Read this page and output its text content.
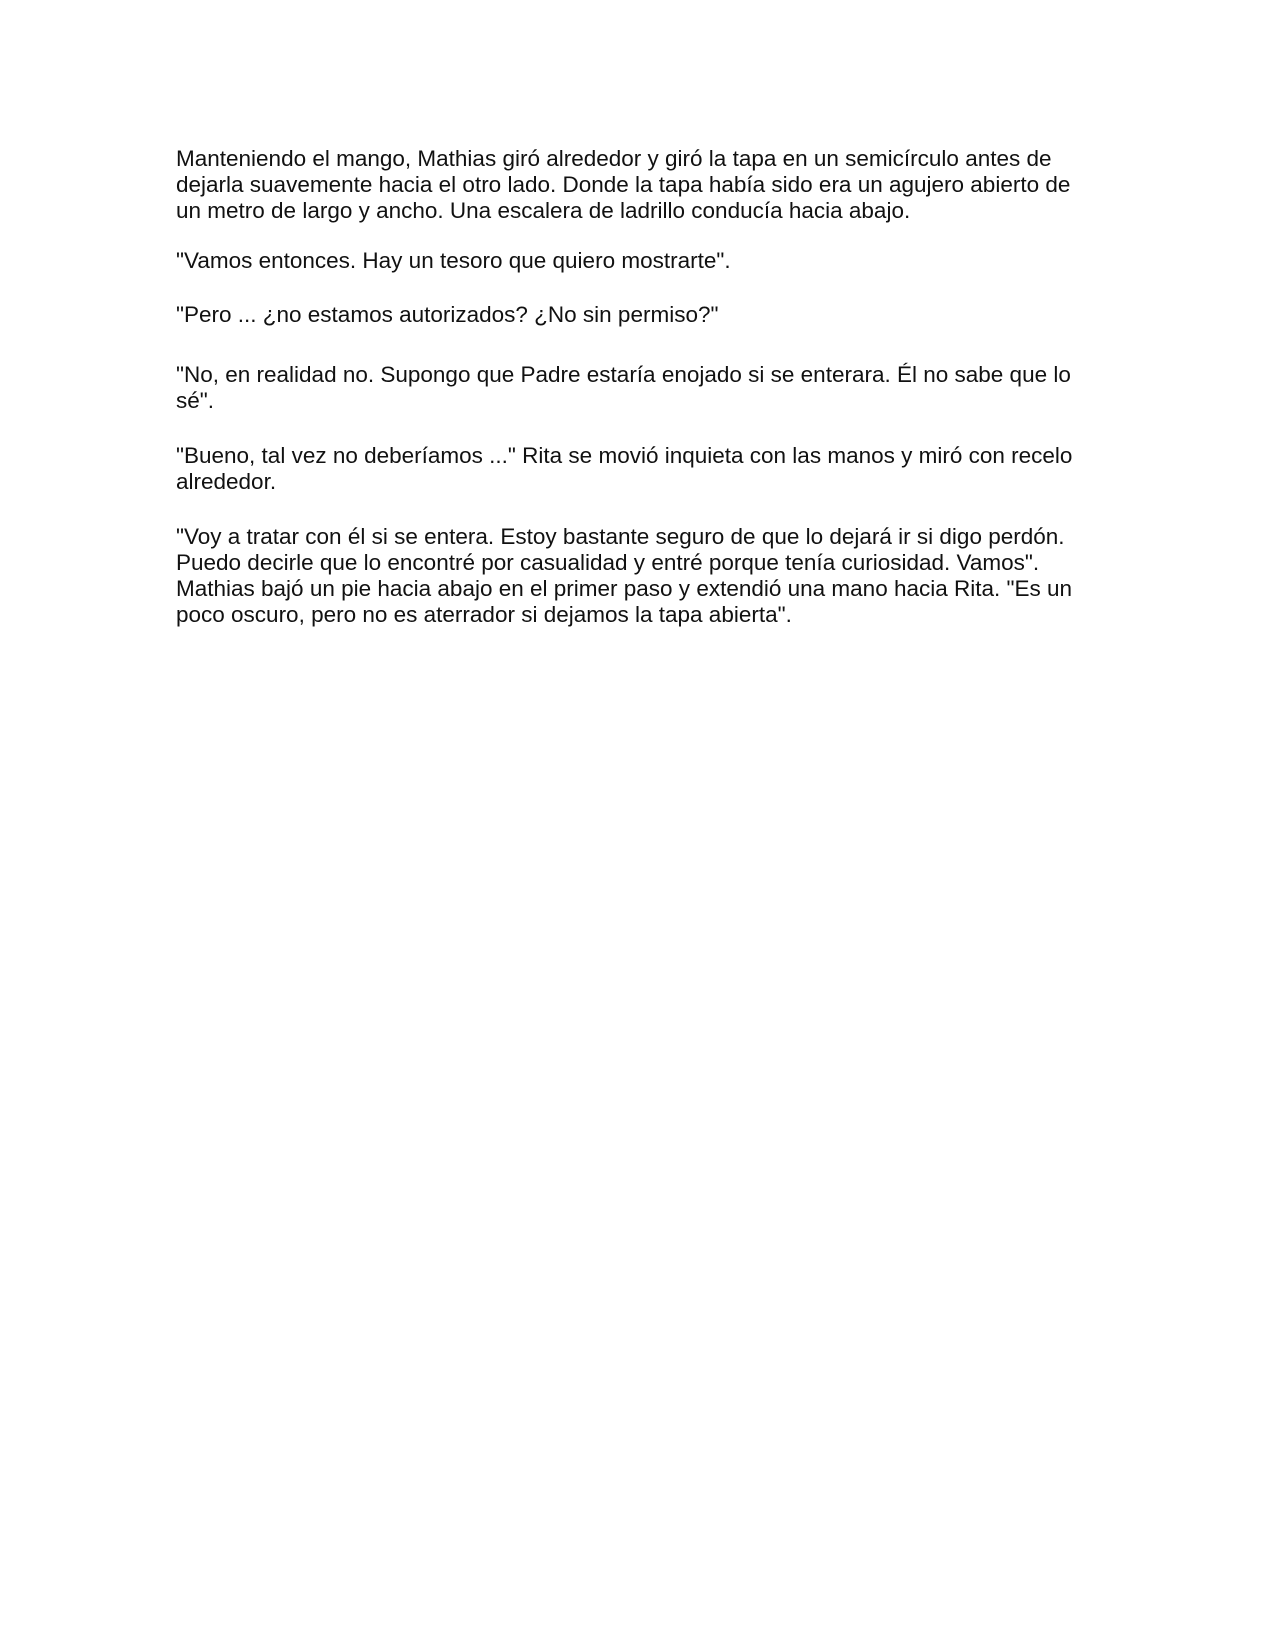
Manteniendo el mango, Mathias giró alrededor y giró la tapa en un semicírculo antes de
dejarla suavemente hacia el otro lado. Donde la tapa había sido era un agujero abierto de
un metro de largo y ancho. Una escalera de ladrillo conducía hacia abajo.

"Vamos entonces. Hay un tesoro que quiero mostrarte".

"Pero ... ¿no estamos autorizados? ¿No sin permiso?"

"No, en realidad no. Supongo que Padre estaría enojado si se enterara. Él no sabe que lo
sé".

"Bueno, tal vez no deberíamos ..." Rita se movió inquieta con las manos y miró con recelo
alrededor.

"Voy a tratar con él si se entera. Estoy bastante seguro de que lo dejará ir si digo perdón.
Puedo decirle que lo encontré por casualidad y entré porque tenía curiosidad. Vamos".
Mathias bajó un pie hacia abajo en el primer paso y extendió una mano hacia Rita. "Es un
poco oscuro, pero no es aterrador si dejamos la tapa abierta".
